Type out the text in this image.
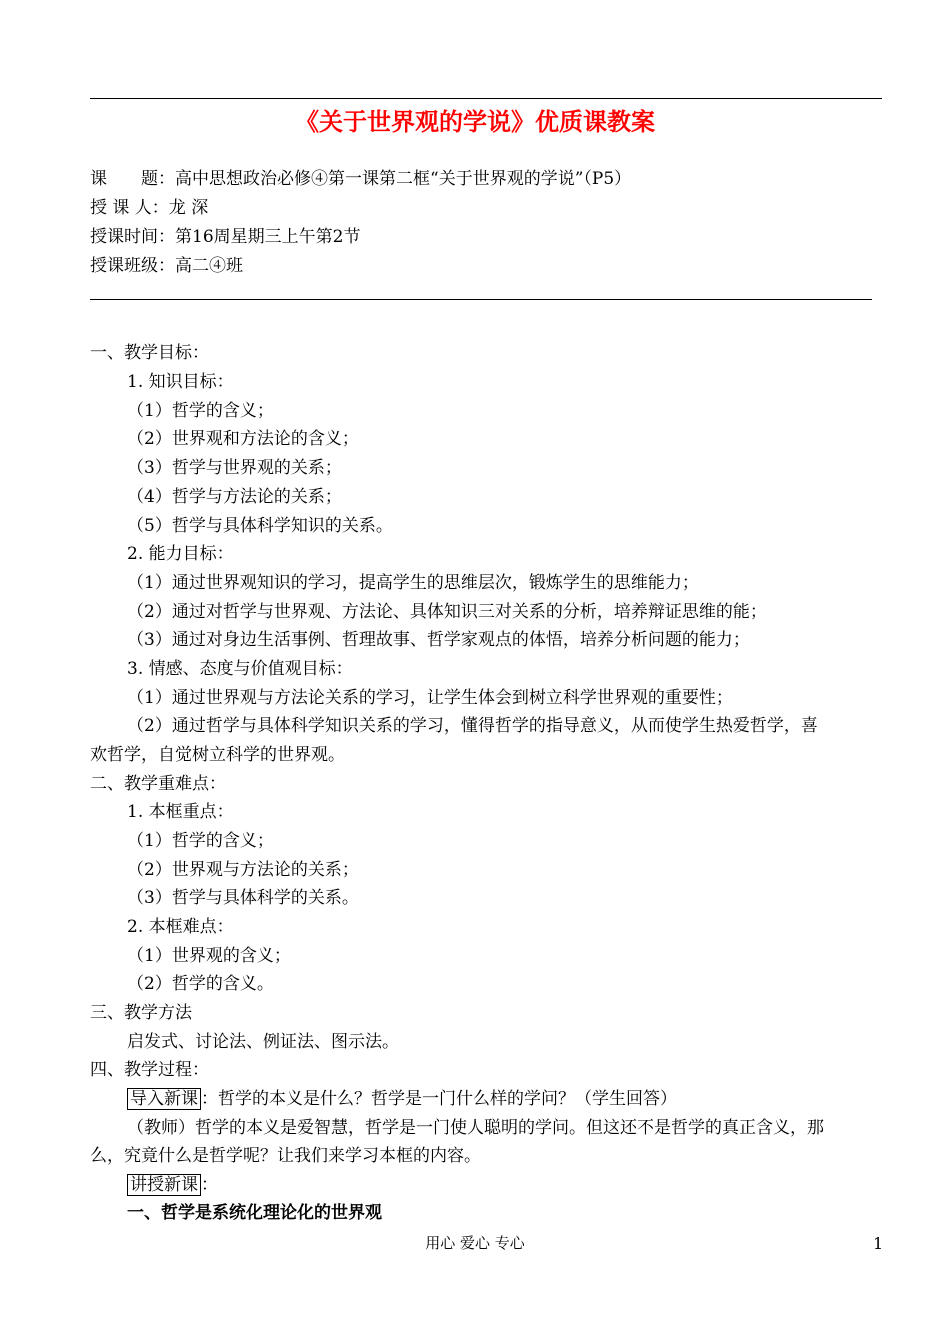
《关于世界观的学说》优质课教案
课　　题：高中思想政治必修④第一课第二框“关于世界观的学说”（P5）
授 课 人：龙 深
授课时间：第16周星期三上午第2节
授课班级：高二④班
一、教学目标：
1. 知识目标：
（1）哲学的含义；
（2）世界观和方法论的含义；
（3）哲学与世界观的关系；
（4）哲学与方法论的关系；
（5）哲学与具体科学知识的关系。
2. 能力目标：
（1）通过世界观知识的学习，提高学生的思维层次，锻炼学生的思维能力；
（2）通过对哲学与世界观、方法论、具体知识三对关系的分析，培养辩证思维的能；
（3）通过对身边生活事例、哲理故事、哲学家观点的体悟，培养分析问题的能力；
3. 情感、态度与价值观目标：
（1）通过世界观与方法论关系的学习，让学生体会到树立科学世界观的重要性；
（2）通过哲学与具体科学知识关系的学习，懂得哲学的指导意义，从而使学生热爱哲学，喜
欢哲学，自觉树立科学的世界观。
二、教学重难点：
1. 本框重点：
（1）哲学的含义；
（2）世界观与方法论的关系；
（3）哲学与具体科学的关系。
2. 本框难点：
（1）世界观的含义；
（2）哲学的含义。
三、教学方法
启发式、讨论法、例证法、图示法。
四、教学过程：
导入新课 ：哲学的本义是什么？哲学是一门什么样的学问？（学生回答）
（教师）哲学的本义是爱智慧，哲学是一门使人聪明的学问。但这还不是哲学的真正含义，那
么，究竟什么是哲学呢？让我们来学习本框的内容。
讲授新课 ：
一、哲学是系统化理论化的世界观
用心 爱心 专心	1
